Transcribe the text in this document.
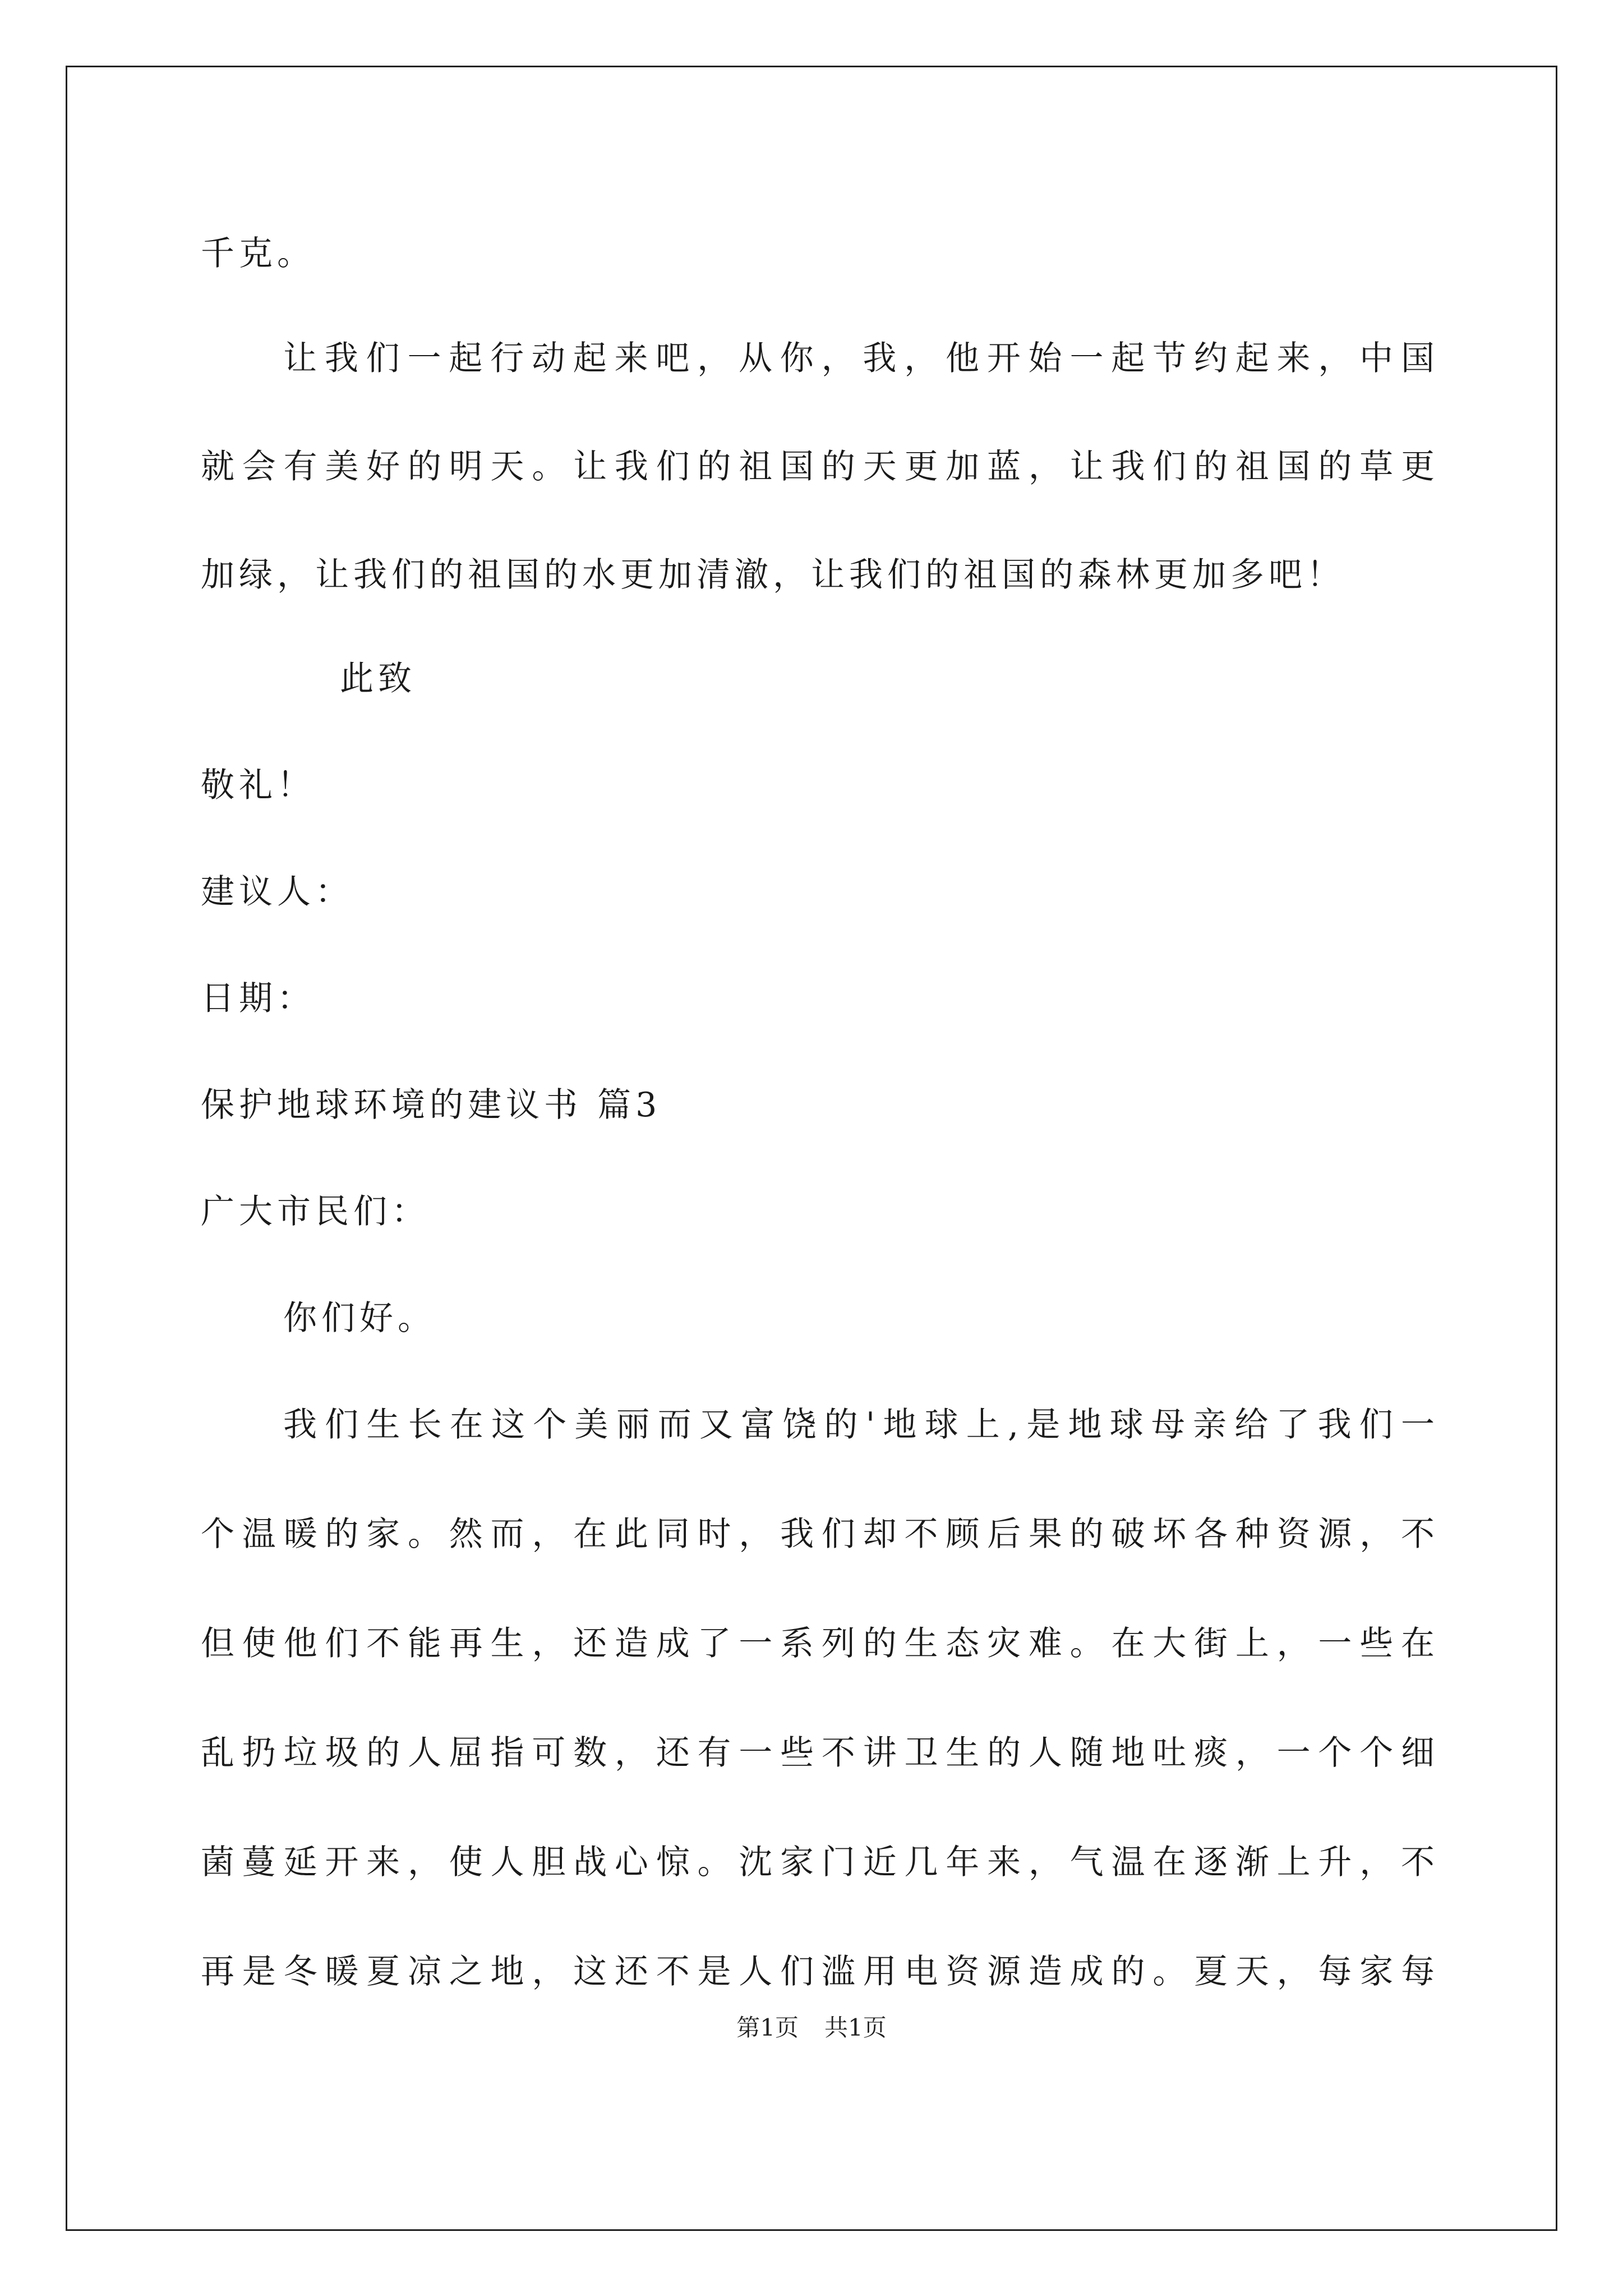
千克。
让我们一起行动起来吧，从你，我，他开始一起节约起来，中国
就会有美好的明天。让我们的祖国的天更加蓝，让我们的祖国的草更
加绿，让我们的祖国的水更加清澈，让我们的祖国的森林更加多吧！
此致
敬礼！
建议人：
日期：
保护地球环境的建议书 篇3
广大市民们：
你们好。
我们生长在这个美丽而又富饶的'地球上,是地球母亲给了我们一
个温暖的家。然而，在此同时，我们却不顾后果的破坏各种资源，不
但使他们不能再生，还造成了一系列的生态灾难。在大街上，一些在
乱扔垃圾的人屈指可数，还有一些不讲卫生的人随地吐痰，一个个细
菌蔓延开来，使人胆战心惊。沈家门近几年来，气温在逐渐上升，不
再是冬暖夏凉之地，这还不是人们滥用电资源造成的。夏天，每家每
第1页 共1页
